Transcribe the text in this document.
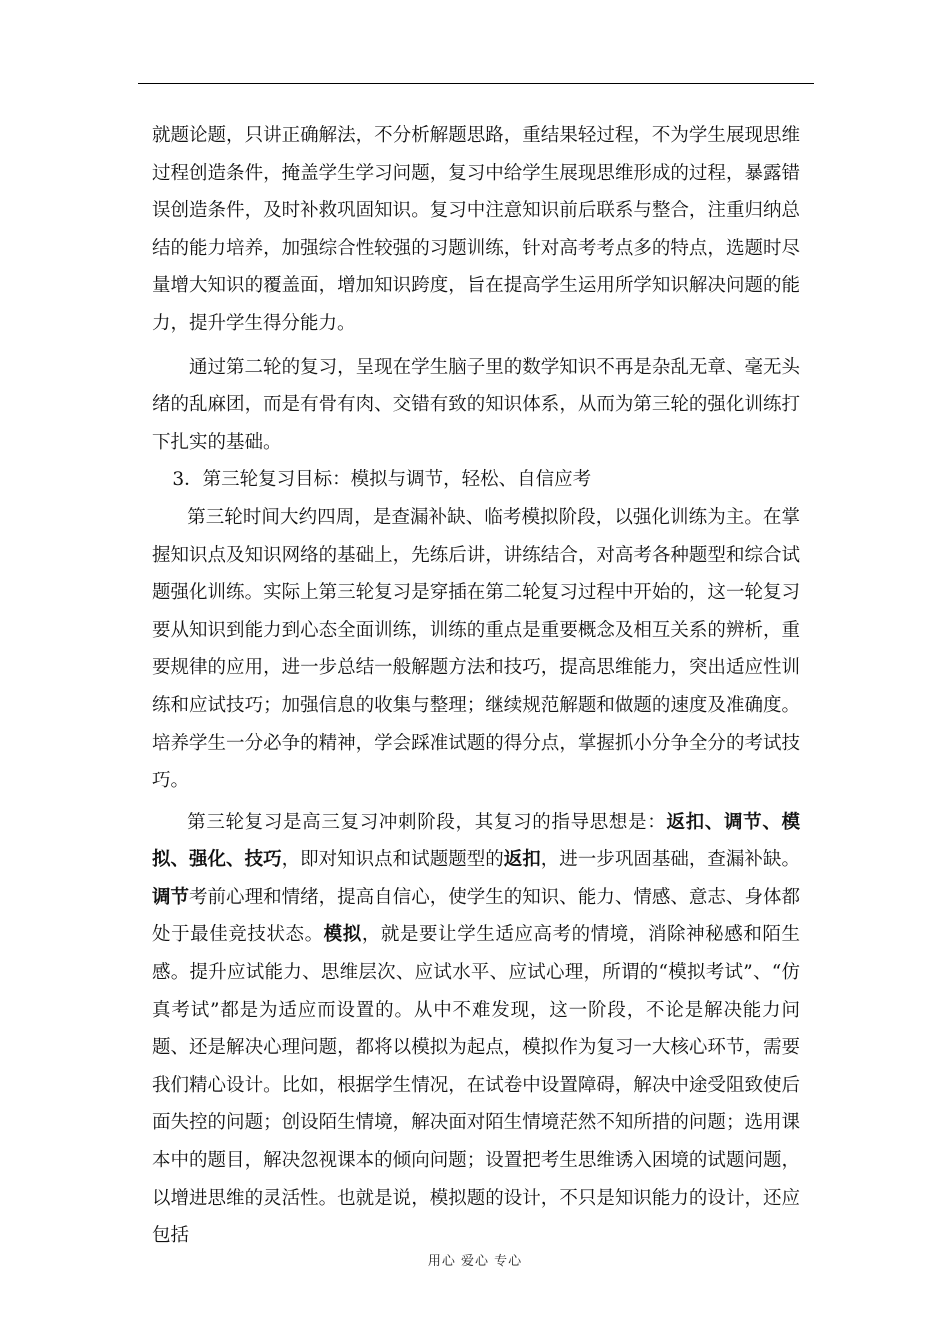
就题论题，只讲正确解法，不分析解题思路，重结果轻过程，不为学生展现思维过程创造条件，掩盖学生学习问题，复习中给学生展现思维形成的过程，暴露错误创造条件，及时补救巩固知识。复习中注意知识前后联系与整合，注重归纳总结的能力培养，加强综合性较强的习题训练，针对高考考点多的特点，选题时尽量增大知识的覆盖面，增加知识跨度，旨在提高学生运用所学知识解决问题的能力，提升学生得分能力。

通过第二轮的复习，呈现在学生脑子里的数学知识不再是杂乱无章、毫无头绪的乱麻团，而是有骨有肉、交错有致的知识体系，从而为第三轮的强化训练打下扎实的基础。

3．第三轮复习目标：模拟与调节，轻松、自信应考

第三轮时间大约四周，是查漏补缺、临考模拟阶段，以强化训练为主。在掌握知识点及知识网络的基础上，先练后讲，讲练结合，对高考各种题型和综合试题强化训练。实际上第三轮复习是穿插在第二轮复习过程中开始的，这一轮复习要从知识到能力到心态全面训练，训练的重点是重要概念及相互关系的辨析，重要规律的应用，进一步总结一般解题方法和技巧，提高思维能力，突出适应性训练和应试技巧；加强信息的收集与整理；继续规范解题和做题的速度及准确度。培养学生一分必争的精神，学会踩准试题的得分点，掌握抓小分争全分的考试技巧。

第三轮复习是高三复习冲刺阶段，其复习的指导思想是：返扣、调节、模拟、强化、技巧，即对知识点和试题题型的返扣，进一步巩固基础，查漏补缺。调节考前心理和情绪，提高自信心，使学生的知识、能力、情感、意志、身体都处于最佳竞技状态。模拟，就是要让学生适应高考的情境，消除神秘感和陌生感。提升应试能力、思维层次、应试水平、应试心理，所谓的“模拟考试”、“仿真考试”都是为适应而设置的。从中不难发现，这一阶段，不论是解决能力问题、还是解决心理问题，都将以模拟为起点，模拟作为复习一大核心环节，需要我们精心设计。比如，根据学生情况，在试卷中设置障碍，解决中途受阻致使后面失控的问题；创设陌生情境，解决面对陌生情境茫然不知所措的问题；选用课本中的题目，解决忽视课本的倾向问题；设置把考生思维诱入困境的试题问题，以增进思维的灵活性。也就是说，模拟题的设计，不只是知识能力的设计，还应包括

用心 爱心 专心
